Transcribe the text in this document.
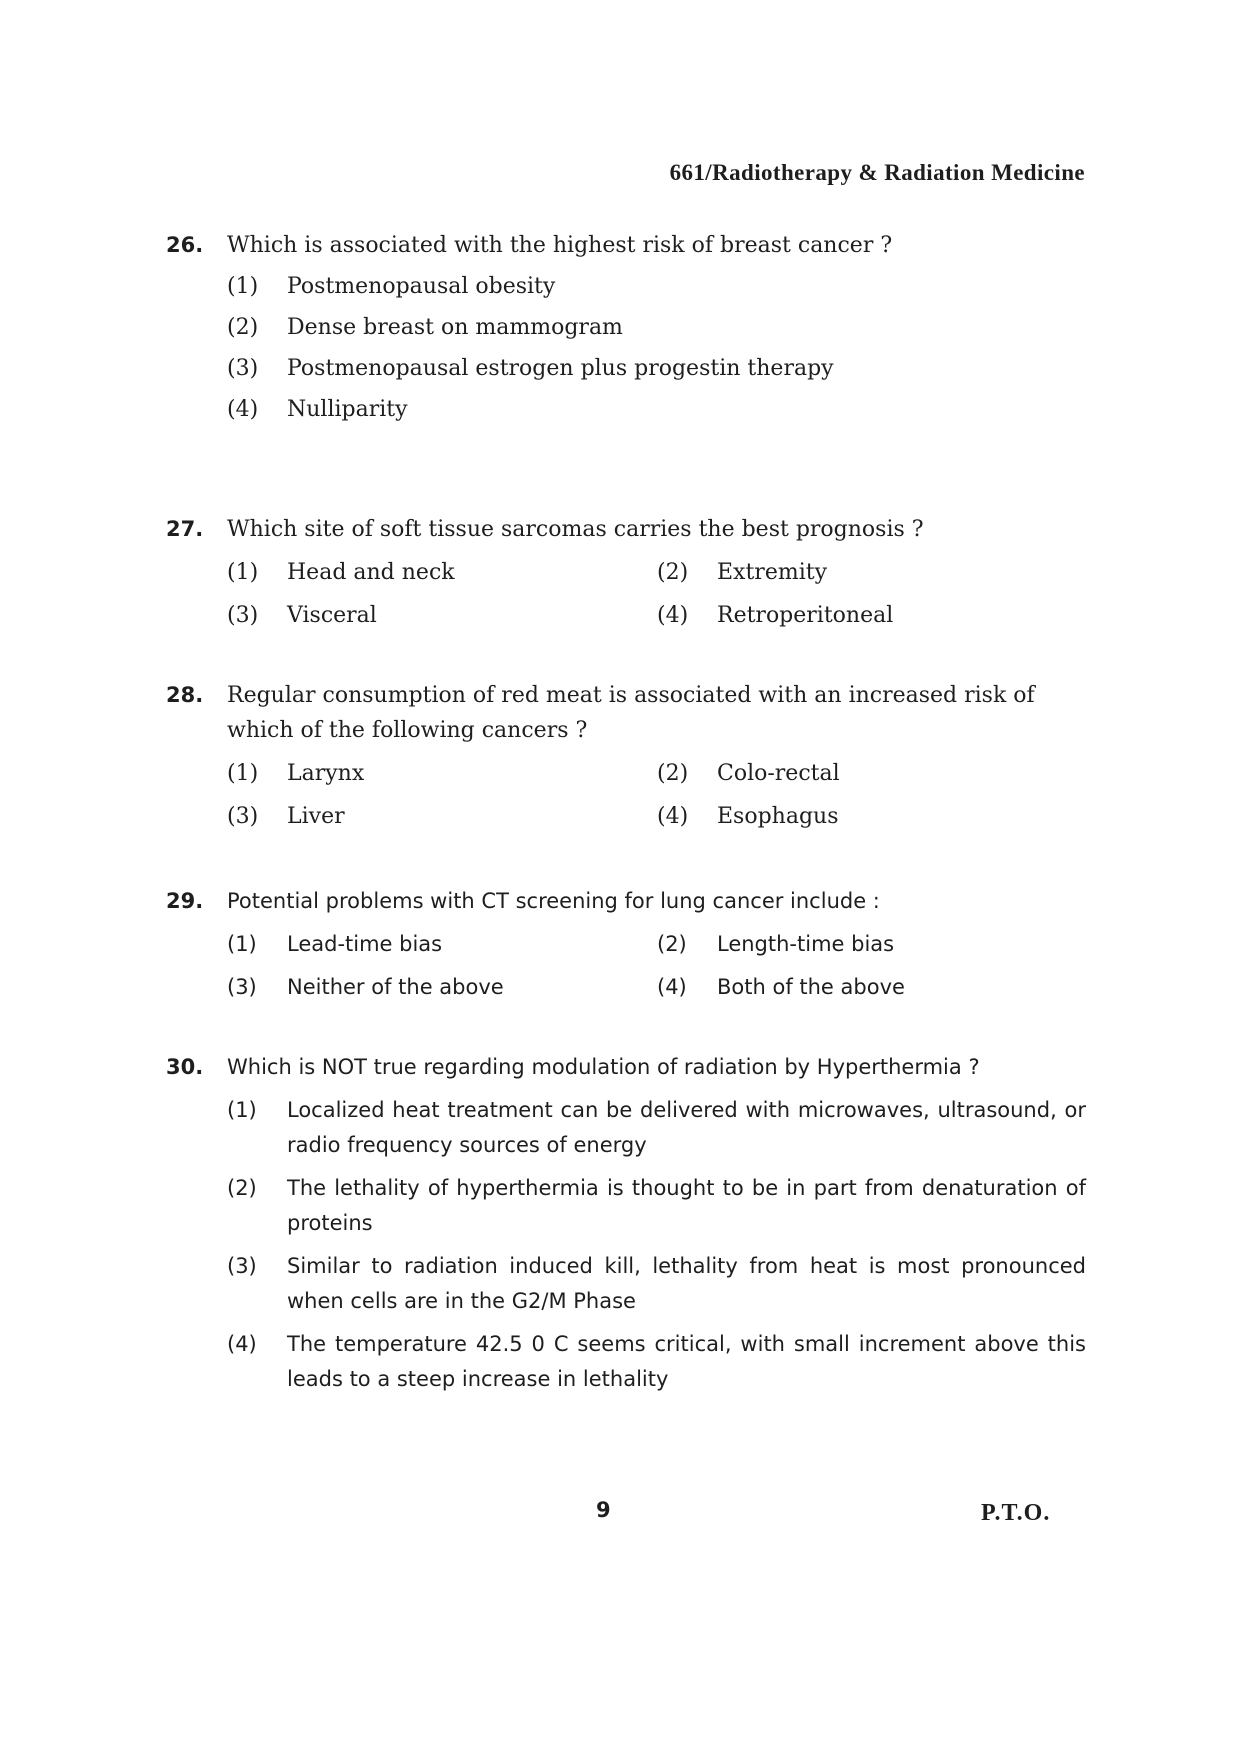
661/Radiotherapy & Radiation Medicine
26. Which is associated with the highest risk of breast cancer ?
(1) Postmenopausal obesity
(2) Dense breast on mammogram
(3) Postmenopausal estrogen plus progestin therapy
(4) Nulliparity
27. Which site of soft tissue sarcomas carries the best prognosis ?
(1) Head and neck	(2) Extremity
(3) Visceral	(4) Retroperitoneal
28. Regular consumption of red meat is associated with an increased risk of which of the following cancers ?
(1) Larynx	(2) Colo-rectal
(3) Liver	(4) Esophagus
29. Potential problems with CT screening for lung cancer include :
(1) Lead-time bias	(2) Length-time bias
(3) Neither of the above	(4) Both of the above
30. Which is NOT true regarding modulation of radiation by Hyperthermia ?
(1) Localized heat treatment can be delivered with microwaves, ultrasound, or radio frequency sources of energy
(2) The lethality of hyperthermia is thought to be in part from denaturation of proteins
(3) Similar to radiation induced kill, lethality from heat is most pronounced when cells are in the G2/M Phase
(4) The temperature 42.5 0 C seems critical, with small increment above this leads to a steep increase in lethality
9	P.T.O.
